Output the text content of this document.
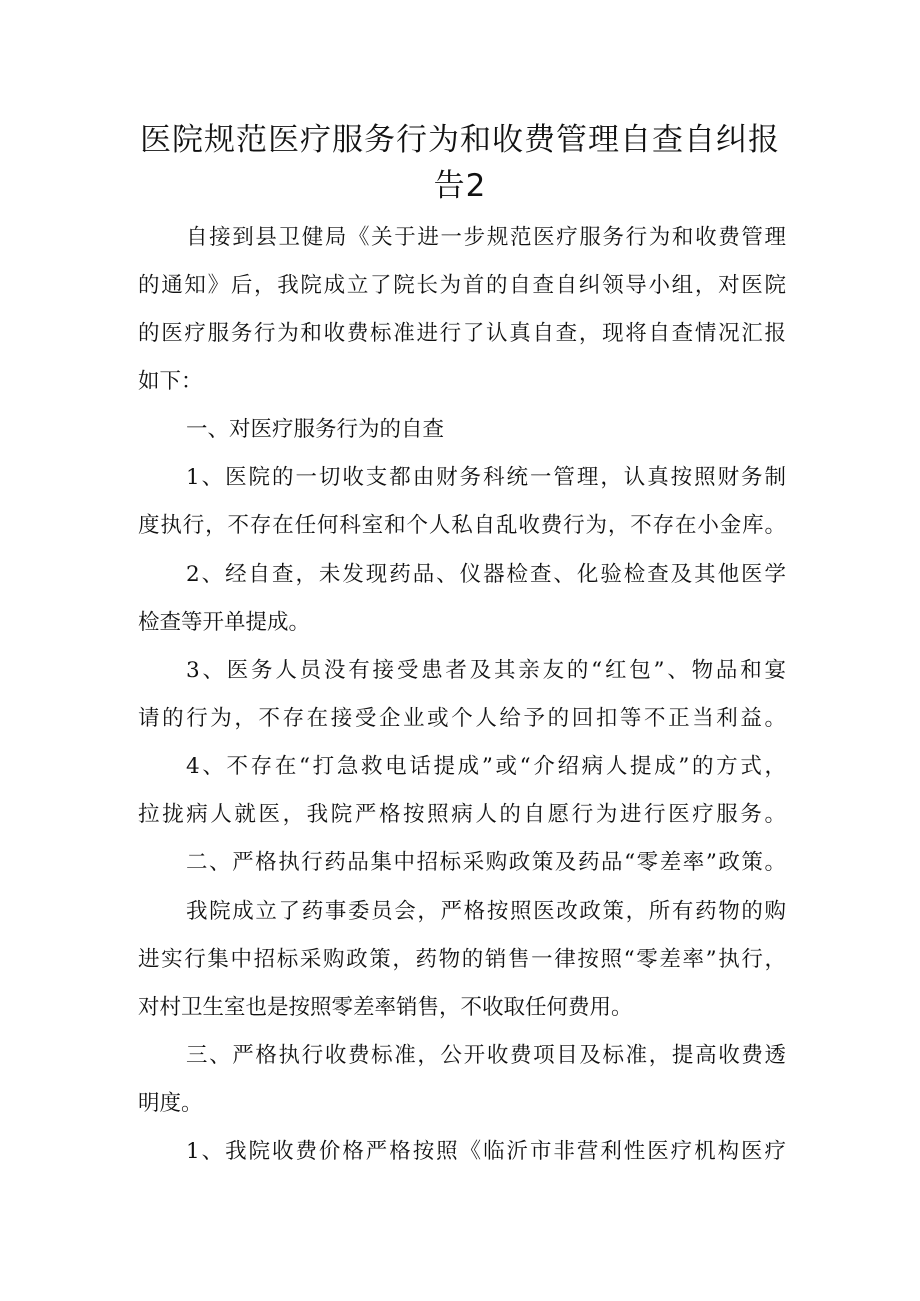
医院规范医疗服务行为和收费管理自查自纠报
告2

自接到县卫健局《关于进一步规范医疗服务行为和收费管理

的通知》后，我院成立了院长为首的自查自纠领导小组，对医院

的医疗服务行为和收费标准进行了认真自查，现将自查情况汇报

如下：

一、对医疗服务行为的自查

1、医院的一切收支都由财务科统一管理，认真按照财务制

度执行，不存在任何科室和个人私自乱收费行为，不存在小金库。

2、经自查，未发现药品、仪器检查、化验检查及其他医学

检查等开单提成。

3、医务人员没有接受患者及其亲友的“红包”、物品和宴

请的行为，不存在接受企业或个人给予的回扣等不正当利益。

4、不存在“打急救电话提成”或“介绍病人提成”的方式，

拉拢病人就医，我院严格按照病人的自愿行为进行医疗服务。

二、严格执行药品集中招标采购政策及药品“零差率”政策。

我院成立了药事委员会，严格按照医改政策，所有药物的购

进实行集中招标采购政策，药物的销售一律按照“零差率”执行，

对村卫生室也是按照零差率销售，不收取任何费用。

三、严格执行收费标准，公开收费项目及标准，提高收费透

明度。

1、我院收费价格严格按照《临沂市非营利性医疗机构医疗
